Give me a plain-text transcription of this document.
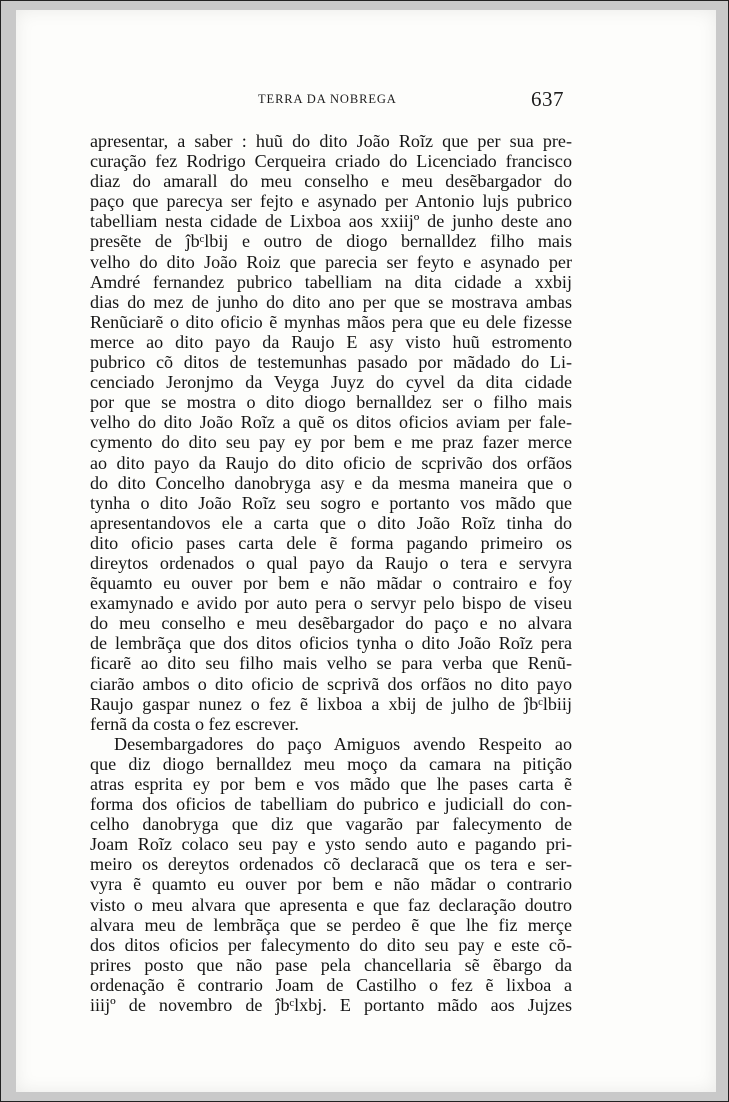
TERRA DA NOBREGA	637
apresentar, a saber : huũ do dito João Roĩz que per sua pre-
curação fez Rodrigo Cerqueira criado do Licenciado francisco
diaz do amarall do meu conselho e meu desẽbargador do
paço que parecya ser fejto e asynado per Antonio lujs pubrico
tabelliam nesta cidade de Lixboa aos xxiijº de junho deste ano
presẽte de ĵbᶜlbij e outro de diogo bernalldez filho mais
velho do dito João Roiz que parecia ser feyto e asynado per
Amdré fernandez pubrico tabelliam na dita cidade a xxbij
dias do mez de junho do dito ano per que se mostrava ambas
Renũciarẽ o dito oficio ẽ mynhas mãos pera que eu dele fizesse
merce ao dito payo da Raujo E asy visto huũ estromento
pubrico cõ ditos de testemunhas pasado por mãdado do Li-
cenciado Jeronjmo da Veyga Juyz do cyvel da dita cidade
por que se mostra o dito diogo bernalldez ser o filho mais
velho do dito João Roĩz a quẽ os ditos oficios aviam per fale-
cymento do dito seu pay ey por bem e me praz fazer merce
ao dito payo da Raujo do dito oficio de scprivão dos orfãos
do dito Concelho danobryga asy e da mesma maneira que o
tynha o dito João Roĩz seu sogro e portanto vos mãdo que
apresentandovos ele a carta que o dito João Roĩz tinha do
dito oficio pases carta dele ẽ forma pagando primeiro os
direytos ordenados o qual payo da Raujo o tera e servyra
ẽquamto eu ouver por bem e não mãdar o contrairo e foy
examynado e avido por auto pera o servyr pelo bispo de viseu
do meu conselho e meu desẽbargador do paço e no alvara
de lembrãça que dos ditos oficios tynha o dito João Roĩz pera
ficarẽ ao dito seu filho mais velho se para verba que Renũ-
ciarão ambos o dito oficio de scprivã dos orfãos no dito payo
Raujo gaspar nunez o fez ẽ lixboa a xbij de julho de ĵbᶜlbiij
fernã da costa o fez escrever.
Desembargadores do paço Amiguos avendo Respeito ao
que diz diogo bernalldez meu moço da camara na pitição
atras esprita ey por bem e vos mãdo que lhe pases carta ẽ
forma dos oficios de tabelliam do pubrico e judiciall do con-
celho danobryga que diz que vagarão par falecymento de
Joam Roĩz colaco seu pay e ysto sendo auto e pagando pri-
meiro os dereytos ordenados cõ declaracã que os tera e ser-
vyra ẽ quamto eu ouver por bem e não mãdar o contrario
visto o meu alvara que apresenta e que faz declaração doutro
alvara meu de lembrãça que se perdeo ẽ que lhe fiz merçe
dos ditos oficios per falecymento do dito seu pay e este cõ-
prires posto que não pase pela chancellaria sẽ ẽbargo da
ordenação ẽ contrario Joam de Castilho o fez ẽ lixboa a
iiijº de novembro de ĵbᶜlxbj. E portanto mãdo aos Jujzes
